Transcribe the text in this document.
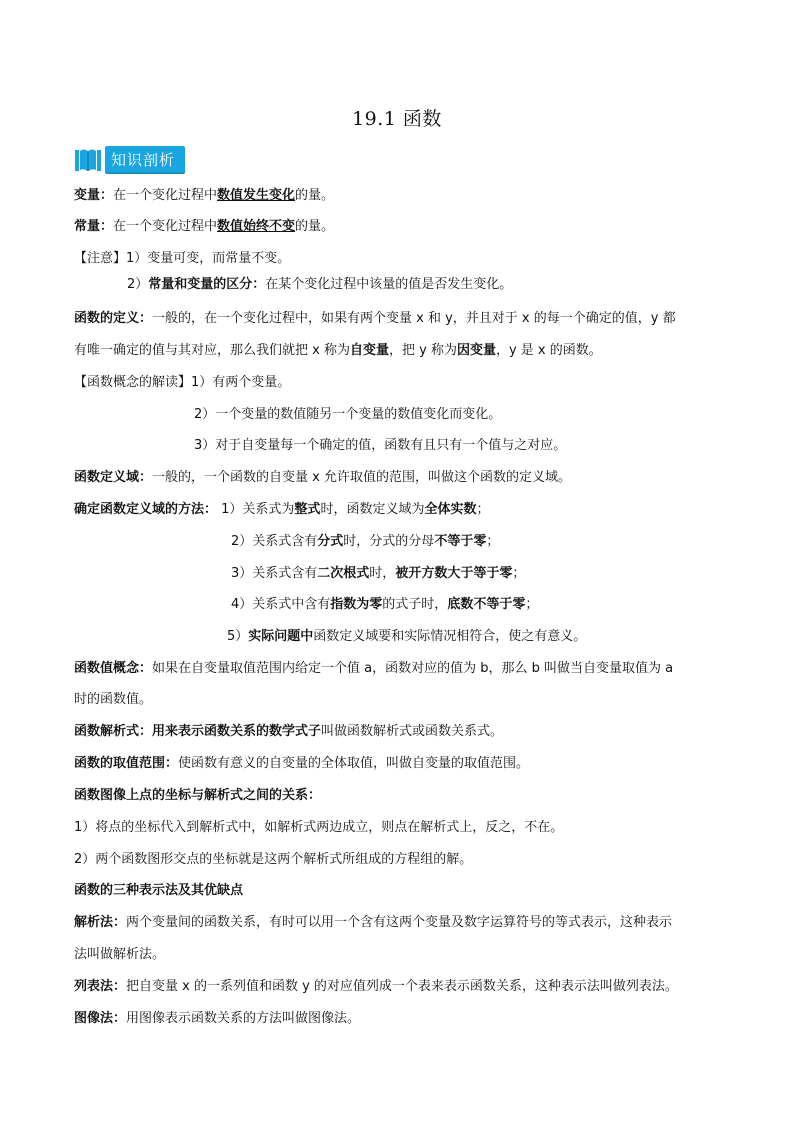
19.1 函数
知识剖析
变量：在一个变化过程中数值发生变化的量。
常量：在一个变化过程中数值始终不变的量。
【注意】1）变量可变，而常量不变。
2）常量和变量的区分：在某个变化过程中该量的值是否发生变化。
函数的定义：一般的，在一个变化过程中，如果有两个变量 x 和 y，并且对于 x 的每一个确定的值，y 都
有唯一确定的值与其对应，那么我们就把 x 称为自变量，把 y 称为因变量，y 是 x 的函数。
【函数概念的解读】1）有两个变量。
2）一个变量的数值随另一个变量的数值变化而变化。
3）对于自变量每一个确定的值，函数有且只有一个值与之对应。
函数定义域：一般的，一个函数的自变量 x 允许取值的范围，叫做这个函数的定义域。
确定函数定义域的方法： 1）关系式为整式时，函数定义域为全体实数；
2）关系式含有分式时，分式的分母不等于零；
3）关系式含有二次根式时，被开方数大于等于零；
4）关系式中含有指数为零的式子时，底数不等于零；
5）实际问题中函数定义域要和实际情况相符合，使之有意义。
函数值概念：如果在自变量取值范围内给定一个值 a，函数对应的值为 b，那么 b 叫做当自变量取值为 a
时的函数值。
函数解析式：用来表示函数关系的数学式子叫做函数解析式或函数关系式。
函数的取值范围：使函数有意义的自变量的全体取值，叫做自变量的取值范围。
函数图像上点的坐标与解析式之间的关系：
1）将点的坐标代入到解析式中，如解析式两边成立，则点在解析式上，反之，不在。
2）两个函数图形交点的坐标就是这两个解析式所组成的方程组的解。
函数的三种表示法及其优缺点
解析法：两个变量间的函数关系，有时可以用一个含有这两个变量及数字运算符号的等式表示，这种表示
法叫做解析法。
列表法：把自变量 x 的一系列值和函数 y 的对应值列成一个表来表示函数关系，这种表示法叫做列表法。
图像法：用图像表示函数关系的方法叫做图像法。
